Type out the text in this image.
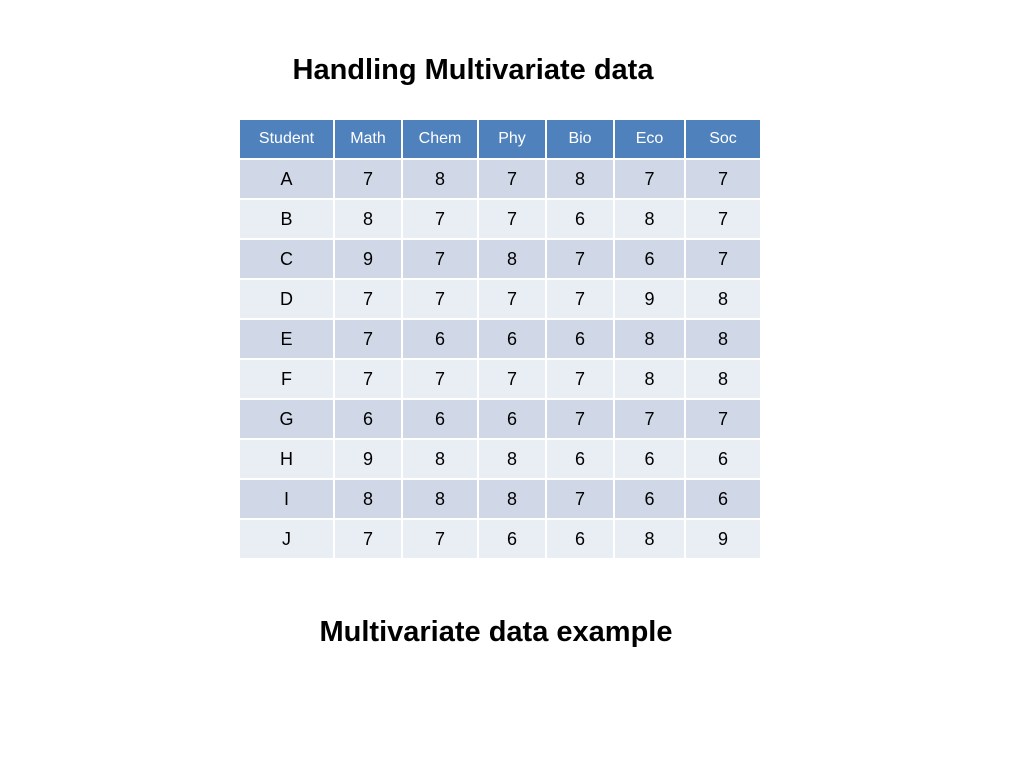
Handling Multivariate data
Student	Math	Chem	Phy	Bio	Eco	Soc
A	7	8	7	8	7	7
B	8	7	7	6	8	7
C	9	7	8	7	6	7
D	7	7	7	7	9	8
E	7	6	6	6	8	8
F	7	7	7	7	8	8
G	6	6	6	7	7	7
H	9	8	8	6	6	6
I	8	8	8	7	6	6
J	7	7	6	6	8	9
Multivariate data example
